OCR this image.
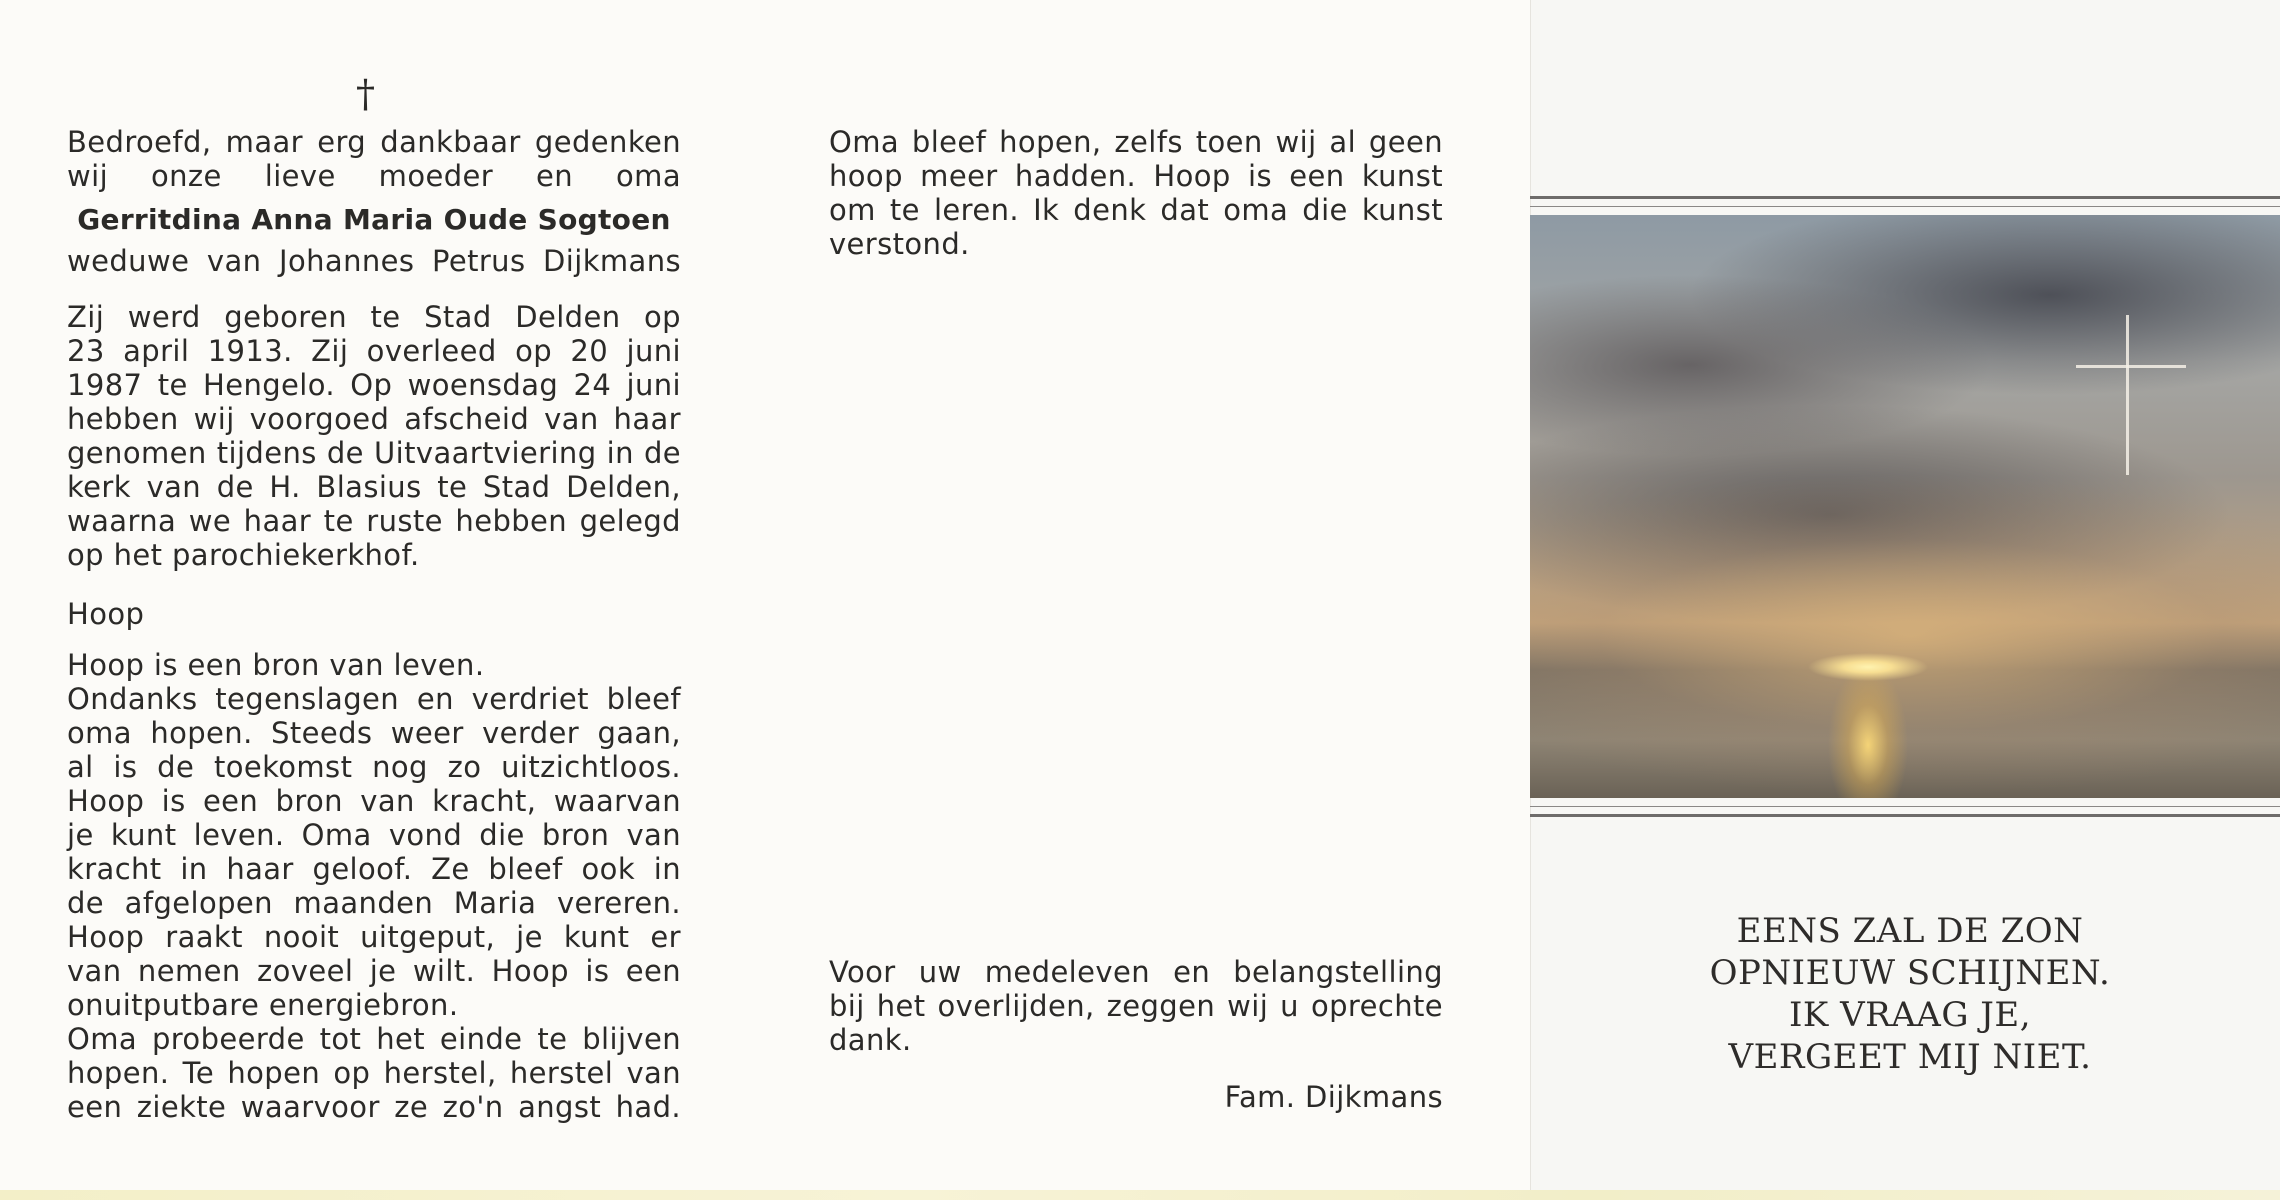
†

Bedroefd, maar erg dankbaar gedenken

wij onze lieve moeder en oma

Gerritdina Anna Maria Oude Sogtoen

weduwe van Johannes Petrus Dijkmans

Zij werd geboren te Stad Delden op

23 april 1913. Zij overleed op 20 juni

1987 te Hengelo. Op woensdag 24 juni

hebben wij voorgoed afscheid van haar

genomen tijdens de Uitvaartviering in de

kerk van de H. Blasius te Stad Delden,

waarna we haar te ruste hebben gelegd

op het parochiekerkhof.

Hoop

Hoop is een bron van leven.

Ondanks tegenslagen en verdriet bleef

oma hopen. Steeds weer verder gaan,

al is de toekomst nog zo uitzichtloos.

Hoop is een bron van kracht, waarvan

je kunt leven. Oma vond die bron van

kracht in haar geloof. Ze bleef ook in

de afgelopen maanden Maria vereren.

Hoop raakt nooit uitgeput, je kunt er

van nemen zoveel je wilt. Hoop is een

onuitputbare energiebron.

Oma probeerde tot het einde te blijven

hopen. Te hopen op herstel, herstel van

een ziekte waarvoor ze zo'n angst had.

Oma bleef hopen, zelfs toen wij al geen

hoop meer hadden. Hoop is een kunst

om te leren. Ik denk dat oma die kunst

verstond.

Voor uw medeleven en belangstelling

bij het overlijden, zeggen wij u oprechte

dank.

Fam. Dijkmans
EENS ZAL DE ZON
OPNIEUW SCHIJNEN.
IK VRAAG JE,
VERGEET MIJ NIET.
